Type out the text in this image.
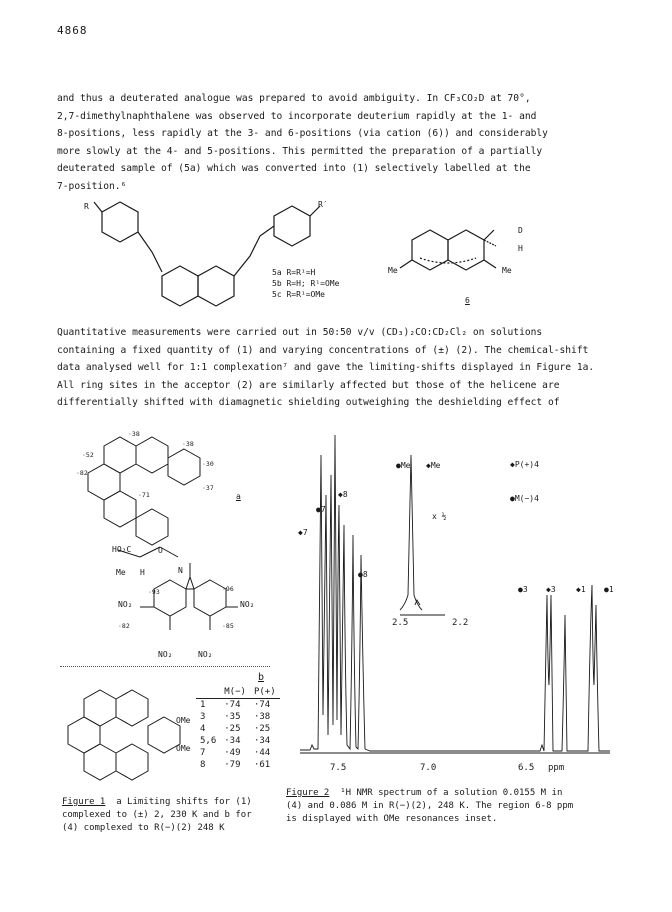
4868
and thus a deuterated analogue was prepared to avoid ambiguity. In CF₃CO₂D at 70°,
2,7-dimethylnaphthalene was observed to incorporate deuterium rapidly at the 1- and
8-positions, less rapidly at the 3- and 6-positions (via cation (6)) and considerably
more slowly at the 4- and 5-positions. This permitted the preparation of a partially
deuterated sample of (5a) which was converted into (1) selectively labelled at the
7-position.⁶
R	R′
5a R=R¹=H
5b R=H; R¹=OMe
5c R=R¹=OMe
D
H
Me	Me
6
Quantitative measurements were carried out in 50:50 v/v (CD₃)₂CO:CD₂Cl₂ on solutions
containing a fixed quantity of (1) and varying concentrations of (±) (2). The chemical-shift
data analysed well for 1:1 complexation⁷ and gave the limiting-shifts displayed in Figure 1a.
All ring sites in the acceptor (2) are similarly affected but those of the helicene are
differentially shifted with diamagnetic shielding outweighing the deshielding effect of
·38
·38
·52
·30
·82
·37
·71	a
HO₂C
Me H
O
N
NO₂	NO₂
NO₂	NO₂
·96
·93
·82	·85
OMe
OMe
b
	M(−)	P(+)
1	·74	·74
3	·35	·38
4	·25	·25
5,6	·34	·34
7	·49	·44
8	·79	·61
Figure 1 a Limiting shifts for (1)
complexed to (±) 2, 230 K and b for
(4) complexed to R(−)(2) 248 K
●7
◆8
◆7
●8
●Me ◆Me
x ½
◆P(+)4
●M(−)4
●3 ◆3	◆1 ●1
2.5	2.2
7.5	7.0	6.5 ppm
Figure 2 ¹H NMR spectrum of a solution 0.0155 M in
(4) and 0.086 M in R(−)(2), 248 K. The region 6-8 ppm
is displayed with OMe resonances inset.
